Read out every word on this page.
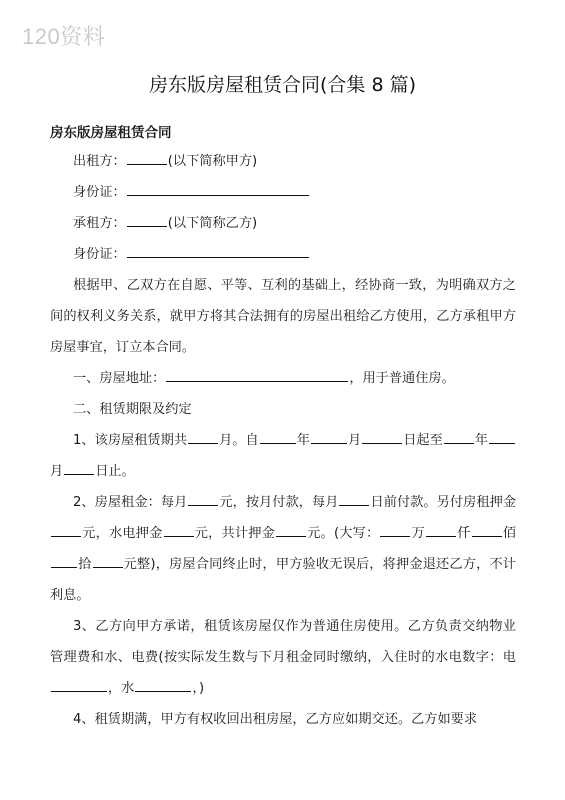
120资料
房东版房屋租赁合同(合集 8 篇)

房东版房屋租赁合同

出租方：	(以下简称甲方)

身份证：

承租方：	(以下简称乙方)

身份证：

根据甲、乙双方在自愿、平等、互利的基础上，经协商一致，为明确双方之间的权利义务关系，就甲方将其合法拥有的房屋出租给乙方使用，乙方承租甲方房屋事宜，订立本合同。

一、房屋地址：	，用于普通住房。

二、租赁期限及约定

1、该房屋租赁期共 月。自	年	月	日起至 年月 日止。

2、房屋租金：每月 元，按月付款，每月 日前付款。另付房租押金元，水电押金 元，共计押金 元。(大写： 万 仟 佰拾 元整)，房屋合同终止时，甲方验收无误后，将押金退还乙方，不计利息。

3、乙方向甲方承诺，租赁该房屋仅作为普通住房使用。乙方负责交纳物业管理费和水、电费(按实际发生数与下月租金同时缴纳，入住时的水电数字：电，水	，)

4、租赁期满，甲方有权收回出租房屋，乙方应如期交还。乙方如要求
